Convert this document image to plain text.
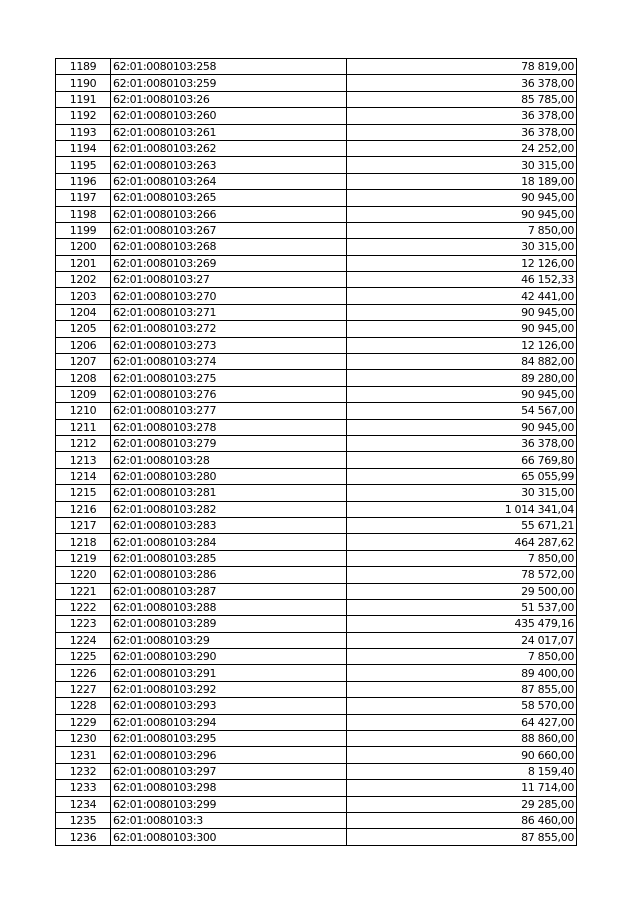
1189	62:01:0080103:258	78 819,00
1190	62:01:0080103:259	36 378,00
1191	62:01:0080103:26	85 785,00
1192	62:01:0080103:260	36 378,00
1193	62:01:0080103:261	36 378,00
1194	62:01:0080103:262	24 252,00
1195	62:01:0080103:263	30 315,00
1196	62:01:0080103:264	18 189,00
1197	62:01:0080103:265	90 945,00
1198	62:01:0080103:266	90 945,00
1199	62:01:0080103:267	7 850,00
1200	62:01:0080103:268	30 315,00
1201	62:01:0080103:269	12 126,00
1202	62:01:0080103:27	46 152,33
1203	62:01:0080103:270	42 441,00
1204	62:01:0080103:271	90 945,00
1205	62:01:0080103:272	90 945,00
1206	62:01:0080103:273	12 126,00
1207	62:01:0080103:274	84 882,00
1208	62:01:0080103:275	89 280,00
1209	62:01:0080103:276	90 945,00
1210	62:01:0080103:277	54 567,00
1211	62:01:0080103:278	90 945,00
1212	62:01:0080103:279	36 378,00
1213	62:01:0080103:28	66 769,80
1214	62:01:0080103:280	65 055,99
1215	62:01:0080103:281	30 315,00
1216	62:01:0080103:282	1 014 341,04
1217	62:01:0080103:283	55 671,21
1218	62:01:0080103:284	464 287,62
1219	62:01:0080103:285	7 850,00
1220	62:01:0080103:286	78 572,00
1221	62:01:0080103:287	29 500,00
1222	62:01:0080103:288	51 537,00
1223	62:01:0080103:289	435 479,16
1224	62:01:0080103:29	24 017,07
1225	62:01:0080103:290	7 850,00
1226	62:01:0080103:291	89 400,00
1227	62:01:0080103:292	87 855,00
1228	62:01:0080103:293	58 570,00
1229	62:01:0080103:294	64 427,00
1230	62:01:0080103:295	88 860,00
1231	62:01:0080103:296	90 660,00
1232	62:01:0080103:297	8 159,40
1233	62:01:0080103:298	11 714,00
1234	62:01:0080103:299	29 285,00
1235	62:01:0080103:3	86 460,00
1236	62:01:0080103:300	87 855,00
